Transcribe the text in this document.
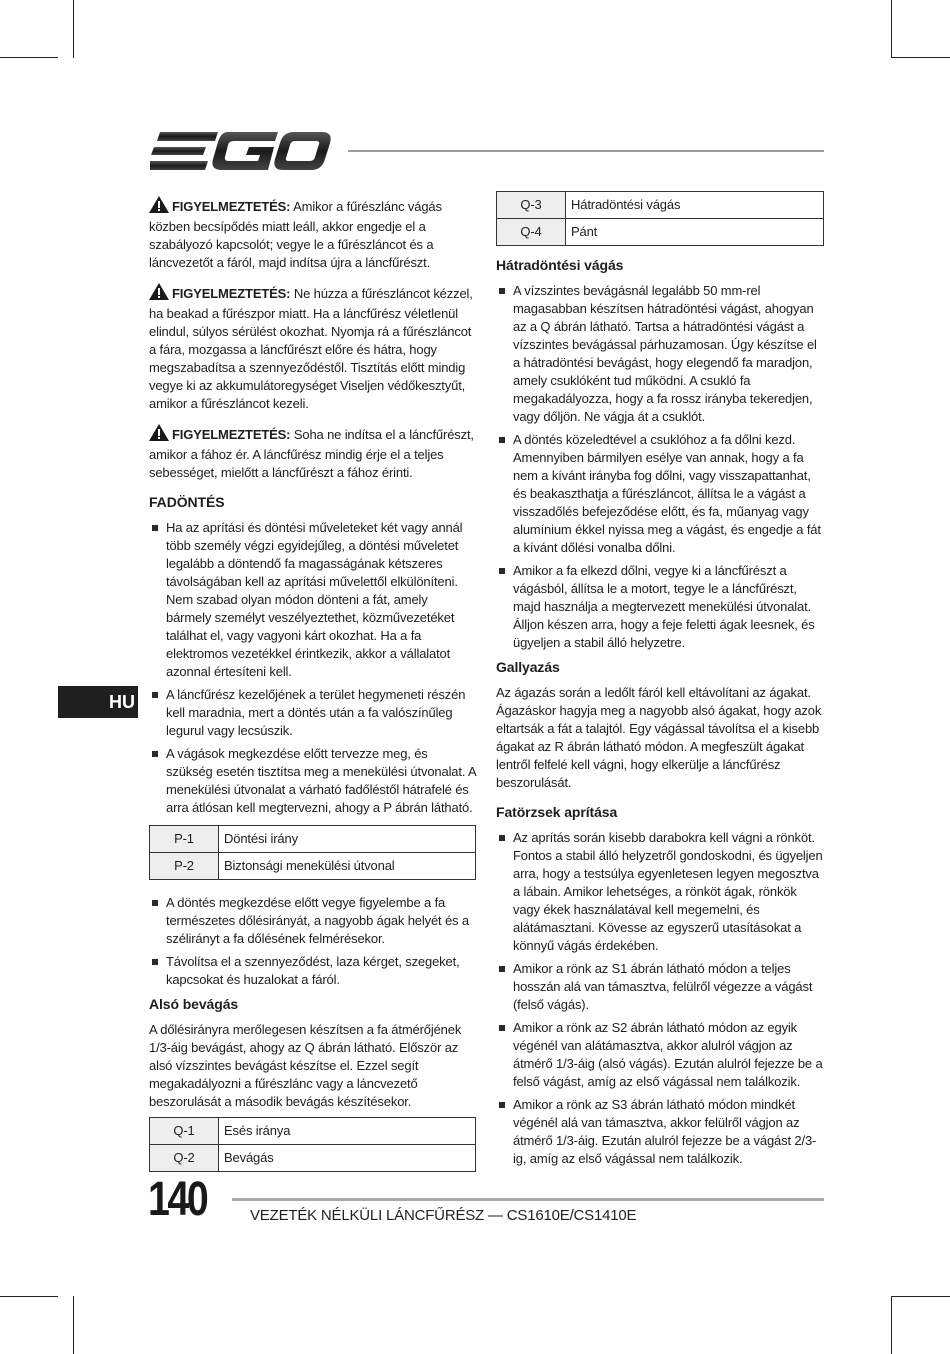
HU

FIGYELMEZTETÉS: Amikor a fűrészlánc vágás közben becsípődés miatt leáll, akkor engedje el a szabályozó kapcsolót; vegye le a fűrészláncot és a láncvezetőt a fáról, majd indítsa újra a láncfűrészt.

FIGYELMEZTETÉS: Ne húzza a fűrészláncot kézzel, ha beakad a fűrészpor miatt. Ha a láncfűrész véletlenül elindul, súlyos sérülést okozhat. Nyomja rá a fűrészláncot a fára, mozgassa a láncfűrészt előre és hátra, hogy megszabadítsa a szennyeződéstől. Tisztítás előtt mindig vegye ki az akkumulátoregységet Viseljen védőkesztyűt, amikor a fűrészláncot kezeli.

FIGYELMEZTETÉS: Soha ne indítsa el a láncfűrészt, amikor a fához ér. A láncfűrész mindig érje el a teljes sebességet, mielőtt a láncfűrészt a fához érinti.

FADÖNTÉS
Ha az aprítási és döntési műveleteket két vagy annál több személy végzi egyidejűleg, a döntési műveletet legalább a döntendő fa magasságának kétszeres távolságában kell az aprítási művelettől elkülöníteni. Nem szabad olyan módon dönteni a fát, amely bármely személyt veszélyeztethet, közművezetéket találhat el, vagy vagyoni kárt okozhat. Ha a fa elektromos vezetékkel érintkezik, akkor a vállalatot azonnal értesíteni kell.
A láncfűrész kezelőjének a terület hegymeneti részén kell maradnia, mert a döntés után a fa valószínűleg legurul vagy lecsúszik.
A vágások megkezdése előtt tervezze meg, és szükség esetén tisztítsa meg a menekülési útvonalat. A menekülési útvonalat a várható fadőléstől hátrafelé és arra átlósan kell megtervezni, ahogy a P ábrán látható.
P-1	Döntési irány
P-2	Biztonsági menekülési útvonal
A döntés megkezdése előtt vegye figyelembe a fa természetes dőlésirányát, a nagyobb ágak helyét és a szélirányt a fa dőlésének felmérésekor.
Távolítsa el a szennyeződést, laza kérget, szegeket, kapcsokat és huzalokat a fáról.
Alsó bevágás

A dőlésirányra merőlegesen készítsen a fa átmérőjének 1/3-áig bevágást, ahogy az Q ábrán látható. Először az alsó vízszintes bevágást készítse el. Ezzel segít megakadályozni a fűrészlánc vagy a láncvezető beszorulását a második bevágás készítésekor.

Q-1	Esés iránya
Q-2	Bevágás
Q-3	Hátradöntési vágás
Q-4	Pánt
Hátradöntési vágás
A vízszintes bevágásnál legalább 50 mm-rel magasabban készítsen hátradöntési vágást, ahogyan az a Q ábrán látható. Tartsa a hátradöntési vágást a vízszintes bevágással párhuzamosan. Úgy készítse el a hátradöntési bevágást, hogy elegendő fa maradjon, amely csuklóként tud működni. A csukló fa megakadályozza, hogy a fa rossz irányba tekeredjen, vagy dőljön. Ne vágja át a csuklót.
A döntés közeledtével a csuklóhoz a fa dőlni kezd. Amennyiben bármilyen esélye van annak, hogy a fa nem a kívánt irányba fog dőlni, vagy visszapattanhat, és beakaszthatja a fűrészláncot, állítsa le a vágást a visszadőlés befejeződése előtt, és fa, műanyag vagy alumínium ékkel nyissa meg a vágást, és engedje a fát a kívánt dőlési vonalba dőlni.
Amikor a fa elkezd dőlni, vegye ki a láncfűrészt a vágásból, állítsa le a motort, tegye le a láncfűrészt, majd használja a megtervezett menekülési útvonalat. Álljon készen arra, hogy a feje feletti ágak leesnek, és ügyeljen a stabil álló helyzetre.
Gallyazás

Az ágazás során a ledőlt fáról kell eltávolítani az ágakat. Ágazáskor hagyja meg a nagyobb alsó ágakat, hogy azok eltartsák a fát a talajtól. Egy vágással távolítsa el a kisebb ágakat az R ábrán látható módon. A megfeszült ágakat lentről felfelé kell vágni, hogy elkerülje a láncfűrész beszorulását.

Fatörzsek aprítása
Az aprítás során kisebb darabokra kell vágni a rönköt. Fontos a stabil álló helyzetről gondoskodni, és ügyeljen arra, hogy a testsúlya egyenletesen legyen megosztva a lábain. Amikor lehetséges, a rönköt ágak, rönkök vagy ékek használatával kell megemelni, és alátámasztani. Kövesse az egyszerű utasításokat a könnyű vágás érdekében.
Amikor a rönk az S1 ábrán látható módon a teljes hosszán alá van támasztva, felülről végezze a vágást (felső vágás).
Amikor a rönk az S2 ábrán látható módon az egyik végénél van alátámasztva, akkor alulról vágjon az átmérő 1/3-áig (alsó vágás). Ezután alulról fejezze be a felső vágást, amíg az első vágással nem találkozik.
Amikor a rönk az S3 ábrán látható módon mindkét végénél alá van támasztva, akkor felülről vágjon az átmérő 1/3-áig. Ezután alulról fejezze be a vágást 2/3-ig, amíg az első vágással nem találkozik.
140	VEZETÉK NÉLKÜLI LÁNCFŰRÉSZ — CS1610E/CS1410E
